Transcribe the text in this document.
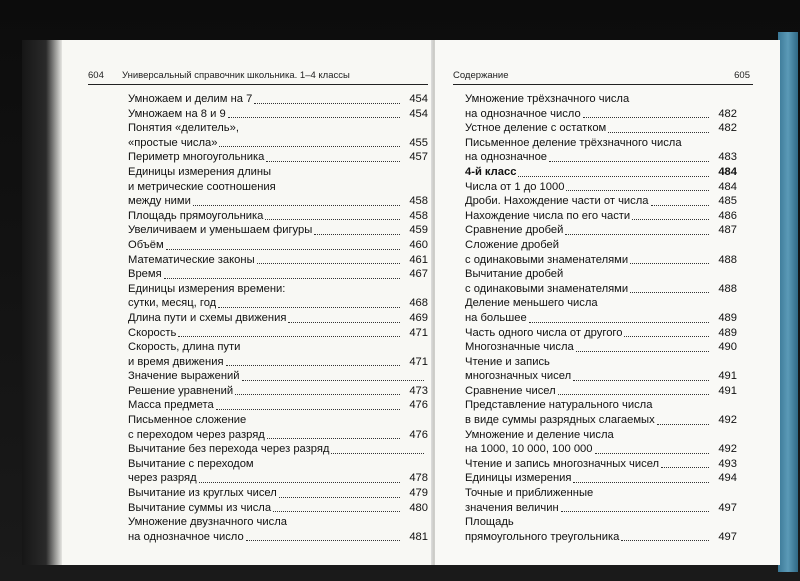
604 Универсальный справочник школьника. 1–4 классы
Умножаем и делим на 7	454
Умножаем на 8 и 9	454
Понятия «делитель»,
«простые числа»	455
Периметр многоугольника	457
Единицы измерения длины
и метрические соотношения
между ними	458
Площадь прямоугольника	458
Увеличиваем и уменьшаем фигуры	459
Объём	460
Математические законы	461
Время	467
Единицы измерения времени:
сутки, месяц, год	468
Длина пути и схемы движения	469
Скорость	471
Скорость, длина пути
и время движения	471
Значение выражений
Решение уравнений	473
Масса предмета	476
Письменное сложение
с переходом через разряд	476
Вычитание без перехода через разряд
Вычитание с переходом
через разряд	478
Вычитание из круглых чисел	479
Вычитание суммы из числа	480
Умножение двузначного числа
на однозначное число	481
Содержание	605
Умножение трёхзначного числа
на однозначное число	482
Устное деление с остатком	482
Письменное деление трёхзначного числа
на однозначное	483
4-й класс	484
Числа от 1 до 1000	484
Дроби. Нахождение части от числа	485
Нахождение числа по его части	486
Сравнение дробей	487
Сложение дробей
с одинаковыми знаменателями	488
Вычитание дробей
с одинаковыми знаменателями	488
Деление меньшего числа
на большее	489
Часть одного числа от другого	489
Многозначные числа	490
Чтение и запись
многозначных чисел	491
Сравнение чисел	491
Представление натурального числа
в виде суммы разрядных слагаемых	492
Умножение и деление числа
на 1000, 10 000, 100 000	492
Чтение и запись многозначных чисел	493
Единицы измерения	494
Точные и приближенные
значения величин	497
Площадь
прямоугольного треугольника	497
